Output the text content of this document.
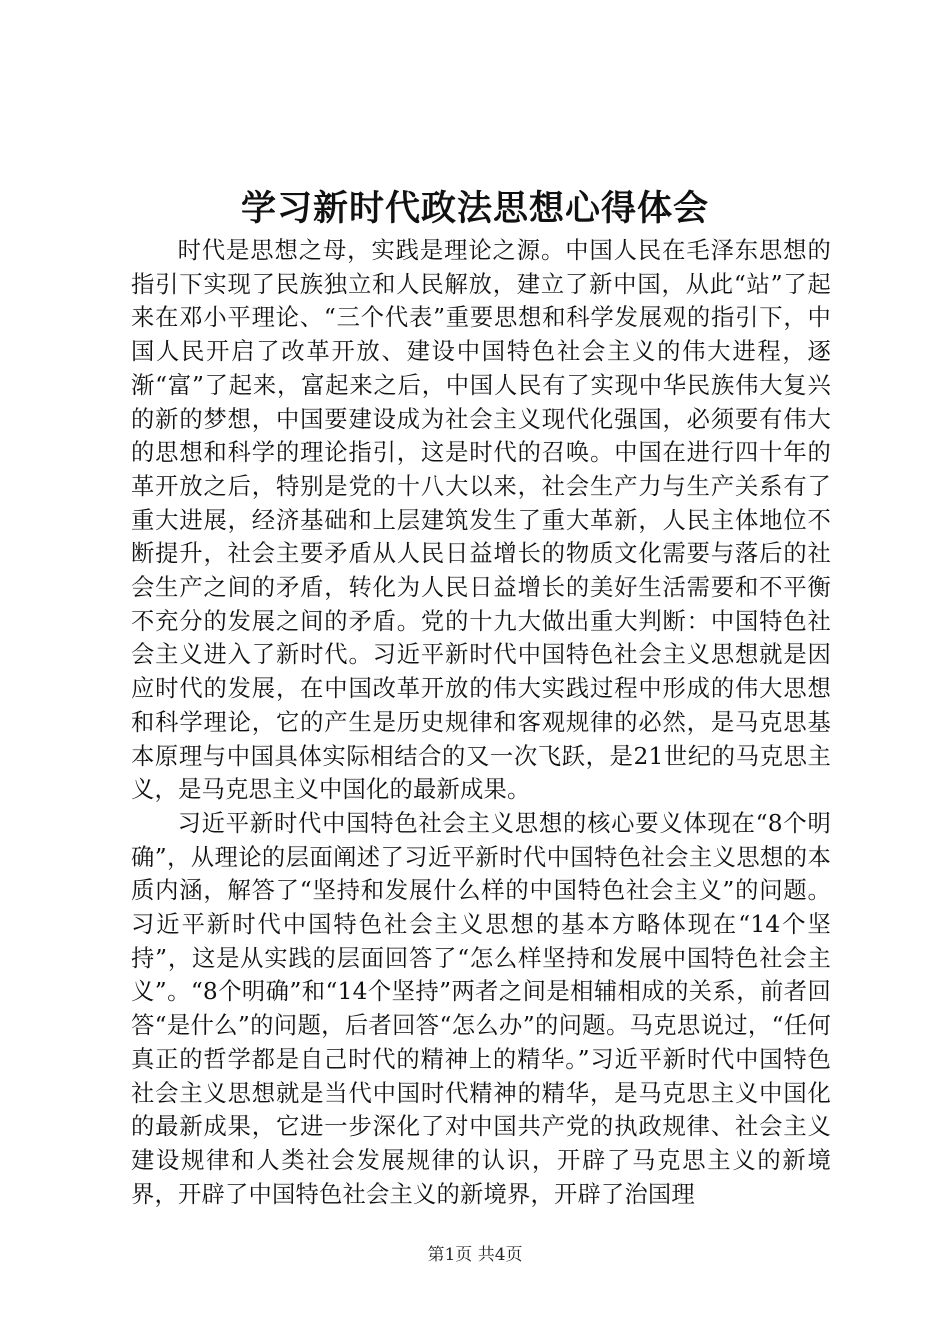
学习新时代政法思想心得体会

时代是思想之母，实践是理论之源。中国人民在毛泽东思想的指引下实现了民族独立和人民解放，建立了新中国，从此“站”了起来在邓小平理论、“三个代表”重要思想和科学发展观的指引下，中国人民开启了改革开放、建设中国特色社会主义的伟大进程，逐渐“富”了起来，富起来之后，中国人民有了实现中华民族伟大复兴的新的梦想，中国要建设成为社会主义现代化强国，必须要有伟大的思想和科学的理论指引，这是时代的召唤。中国在进行四十年的革开放之后，特别是党的十八大以来，社会生产力与生产关系有了重大进展，经济基础和上层建筑发生了重大革新，人民主体地位不断提升，社会主要矛盾从人民日益增长的物质文化需要与落后的社会生产之间的矛盾，转化为人民日益增长的美好生活需要和不平衡不充分的发展之间的矛盾。党的十九大做出重大判断：中国特色社会主义进入了新时代。习近平新时代中国特色社会主义思想就是因应时代的发展，在中国改革开放的伟大实践过程中形成的伟大思想和科学理论，它的产生是历史规律和客观规律的必然，是马克思基本原理与中国具体实际相结合的又一次飞跃，是21世纪的马克思主义，是马克思主义中国化的最新成果。

习近平新时代中国特色社会主义思想的核心要义体现在“8个明确”，从理论的层面阐述了习近平新时代中国特色社会主义思想的本质内涵，解答了“坚持和发展什么样的中国特色社会主义”的问题。习近平新时代中国特色社会主义思想的基本方略体现在“14个坚持”，这是从实践的层面回答了“怎么样坚持和发展中国特色社会主义”。“8个明确”和“14个坚持”两者之间是相辅相成的关系，前者回答“是什么”的问题，后者回答“怎么办”的问题。马克思说过，“任何真正的哲学都是自己时代的精神上的精华。”习近平新时代中国特色社会主义思想就是当代中国时代精神的精华，是马克思主义中国化的最新成果，它进一步深化了对中国共产党的执政规律、社会主义建设规律和人类社会发展规律的认识，开辟了马克思主义的新境界，开辟了中国特色社会主义的新境界，开辟了治国理

第1页 共4页
